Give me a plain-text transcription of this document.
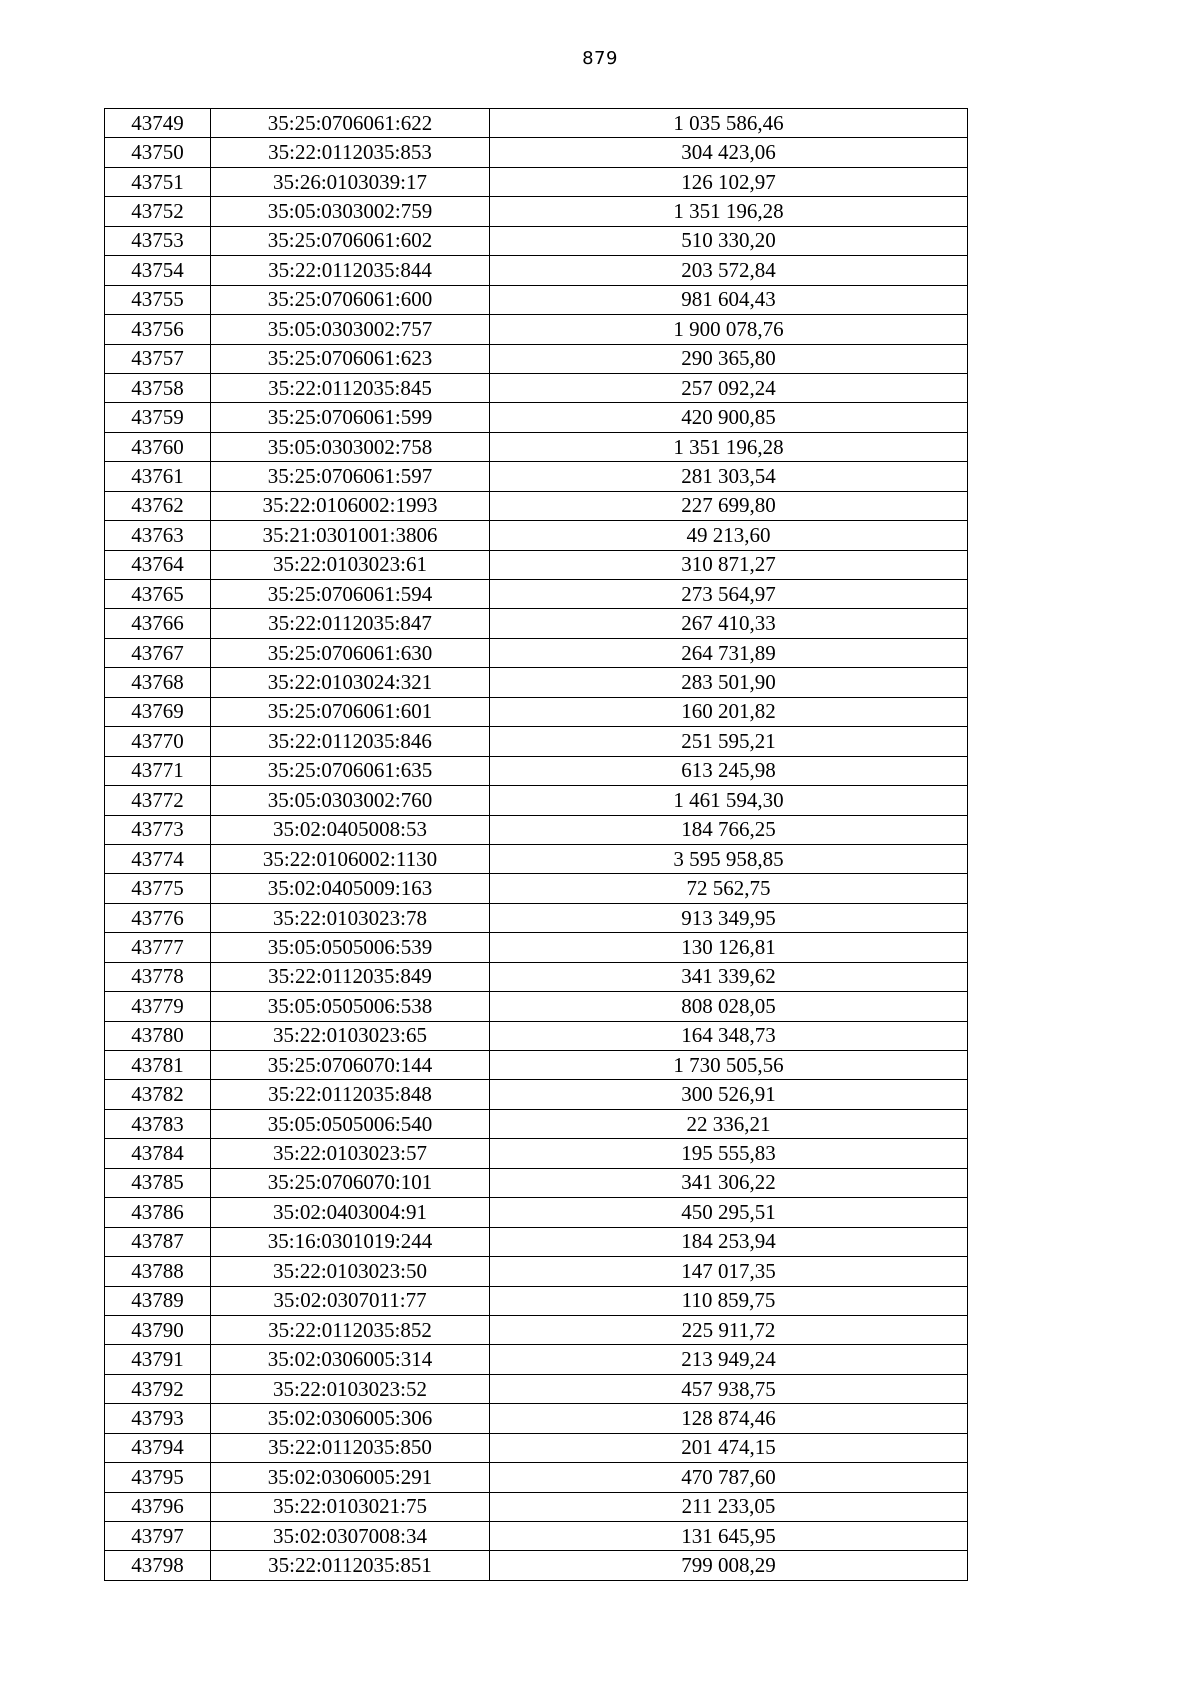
879
43749	35:25:0706061:622	1 035 586,46
43750	35:22:0112035:853	304 423,06
43751	35:26:0103039:17	126 102,97
43752	35:05:0303002:759	1 351 196,28
43753	35:25:0706061:602	510 330,20
43754	35:22:0112035:844	203 572,84
43755	35:25:0706061:600	981 604,43
43756	35:05:0303002:757	1 900 078,76
43757	35:25:0706061:623	290 365,80
43758	35:22:0112035:845	257 092,24
43759	35:25:0706061:599	420 900,85
43760	35:05:0303002:758	1 351 196,28
43761	35:25:0706061:597	281 303,54
43762	35:22:0106002:1993	227 699,80
43763	35:21:0301001:3806	49 213,60
43764	35:22:0103023:61	310 871,27
43765	35:25:0706061:594	273 564,97
43766	35:22:0112035:847	267 410,33
43767	35:25:0706061:630	264 731,89
43768	35:22:0103024:321	283 501,90
43769	35:25:0706061:601	160 201,82
43770	35:22:0112035:846	251 595,21
43771	35:25:0706061:635	613 245,98
43772	35:05:0303002:760	1 461 594,30
43773	35:02:0405008:53	184 766,25
43774	35:22:0106002:1130	3 595 958,85
43775	35:02:0405009:163	72 562,75
43776	35:22:0103023:78	913 349,95
43777	35:05:0505006:539	130 126,81
43778	35:22:0112035:849	341 339,62
43779	35:05:0505006:538	808 028,05
43780	35:22:0103023:65	164 348,73
43781	35:25:0706070:144	1 730 505,56
43782	35:22:0112035:848	300 526,91
43783	35:05:0505006:540	22 336,21
43784	35:22:0103023:57	195 555,83
43785	35:25:0706070:101	341 306,22
43786	35:02:0403004:91	450 295,51
43787	35:16:0301019:244	184 253,94
43788	35:22:0103023:50	147 017,35
43789	35:02:0307011:77	110 859,75
43790	35:22:0112035:852	225 911,72
43791	35:02:0306005:314	213 949,24
43792	35:22:0103023:52	457 938,75
43793	35:02:0306005:306	128 874,46
43794	35:22:0112035:850	201 474,15
43795	35:02:0306005:291	470 787,60
43796	35:22:0103021:75	211 233,05
43797	35:02:0307008:34	131 645,95
43798	35:22:0112035:851	799 008,29
